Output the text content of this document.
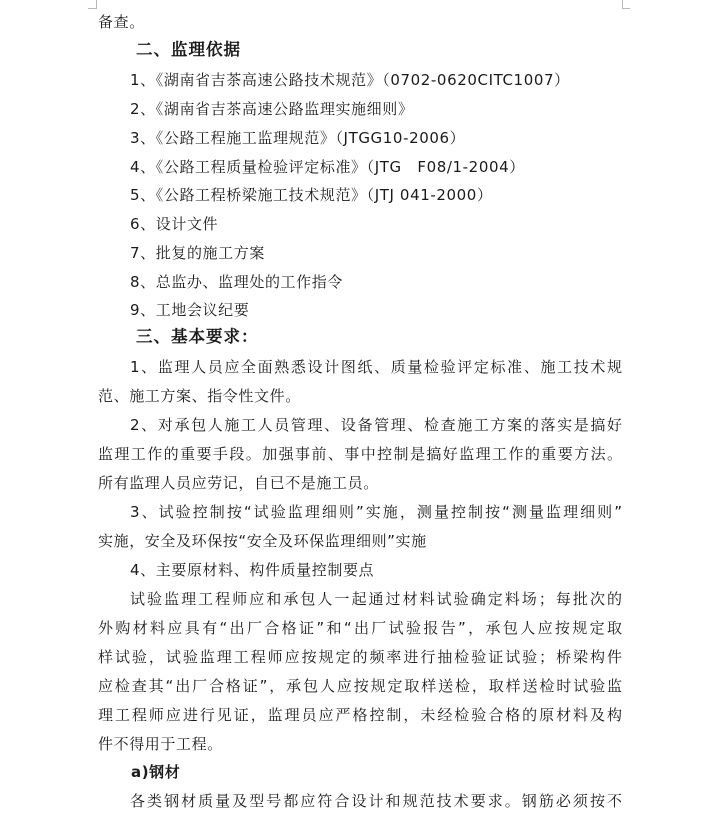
备查。
二、监理依据
1、《湖南省吉茶高速公路技术规范》（0702-0620CITC1007）
2、《湖南省吉茶高速公路监理实施细则》
3、《公路工程施工监理规范》（JTGG10-2006）
4、《公路工程质量检验评定标准》（JTG　F08/1-2004）
5、《公路工程桥梁施工技术规范》（JTJ 041-2000）
6、设计文件
7、批复的施工方案
8、总监办、监理处的工作指令
9、工地会议纪要
三、基本要求：
1、监理人员应全面熟悉设计图纸、质量检验评定标准、施工技术规
范、施工方案、指令性文件。
2、对承包人施工人员管理、设备管理、检查施工方案的落实是搞好
监理工作的重要手段。加强事前、事中控制是搞好监理工作的重要方法。
所有监理人员应劳记，自已不是施工员。
3、试验控制按“试验监理细则”实施，测量控制按“测量监理细则”
实施，安全及环保按“安全及环保监理细则”实施
4、主要原材料、构件质量控制要点
试验监理工程师应和承包人一起通过材料试验确定料场；每批次的
外购材料应具有“出厂合格证”和“出厂试验报告”，承包人应按规定取
样试验，试验监理工程师应按规定的频率进行抽检验证试验；桥梁构件
应检查其“出厂合格证”，承包人应按规定取样送检，取样送检时试验监
理工程师应进行见证，监理员应严格控制，未经检验合格的原材料及构
件不得用于工程。
a)钢材
各类钢材质量及型号都应符合设计和规范技术要求。钢筋必须按不
